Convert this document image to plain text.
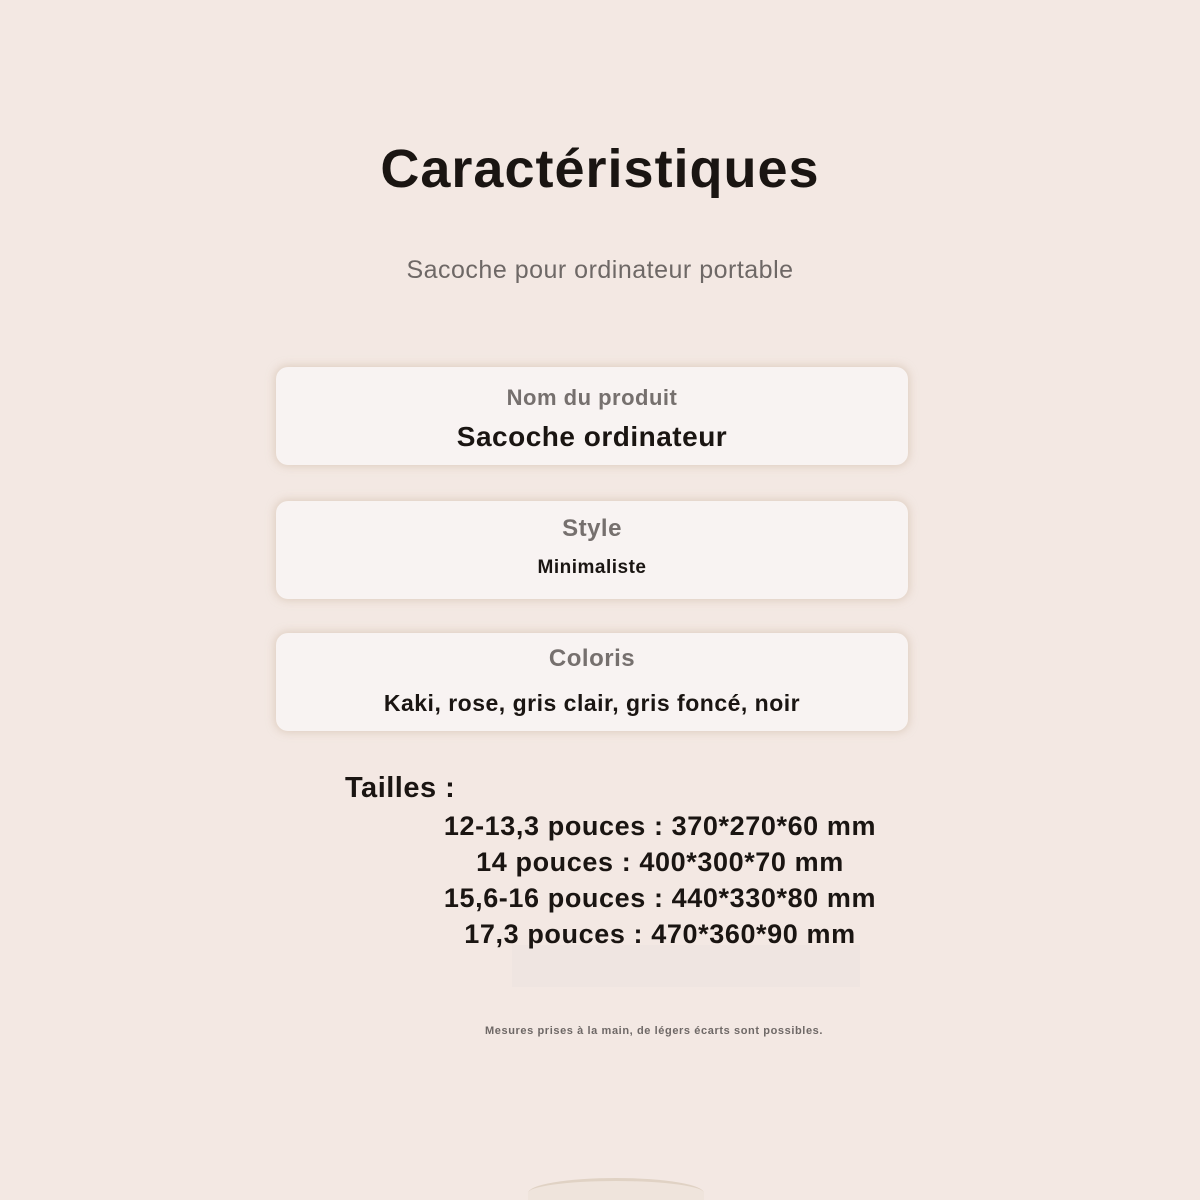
Caractéristiques
Sacoche pour ordinateur portable
Nom du produit
Sacoche ordinateur
Style
Minimaliste
Coloris
Kaki, rose, gris clair, gris foncé, noir
Tailles :
12-13,3 pouces : 370*270*60 mm
14 pouces : 400*300*70 mm
15,6-16 pouces : 440*330*80 mm
17,3 pouces : 470*360*90 mm
Mesures prises à la main, de légers écarts sont possibles.
